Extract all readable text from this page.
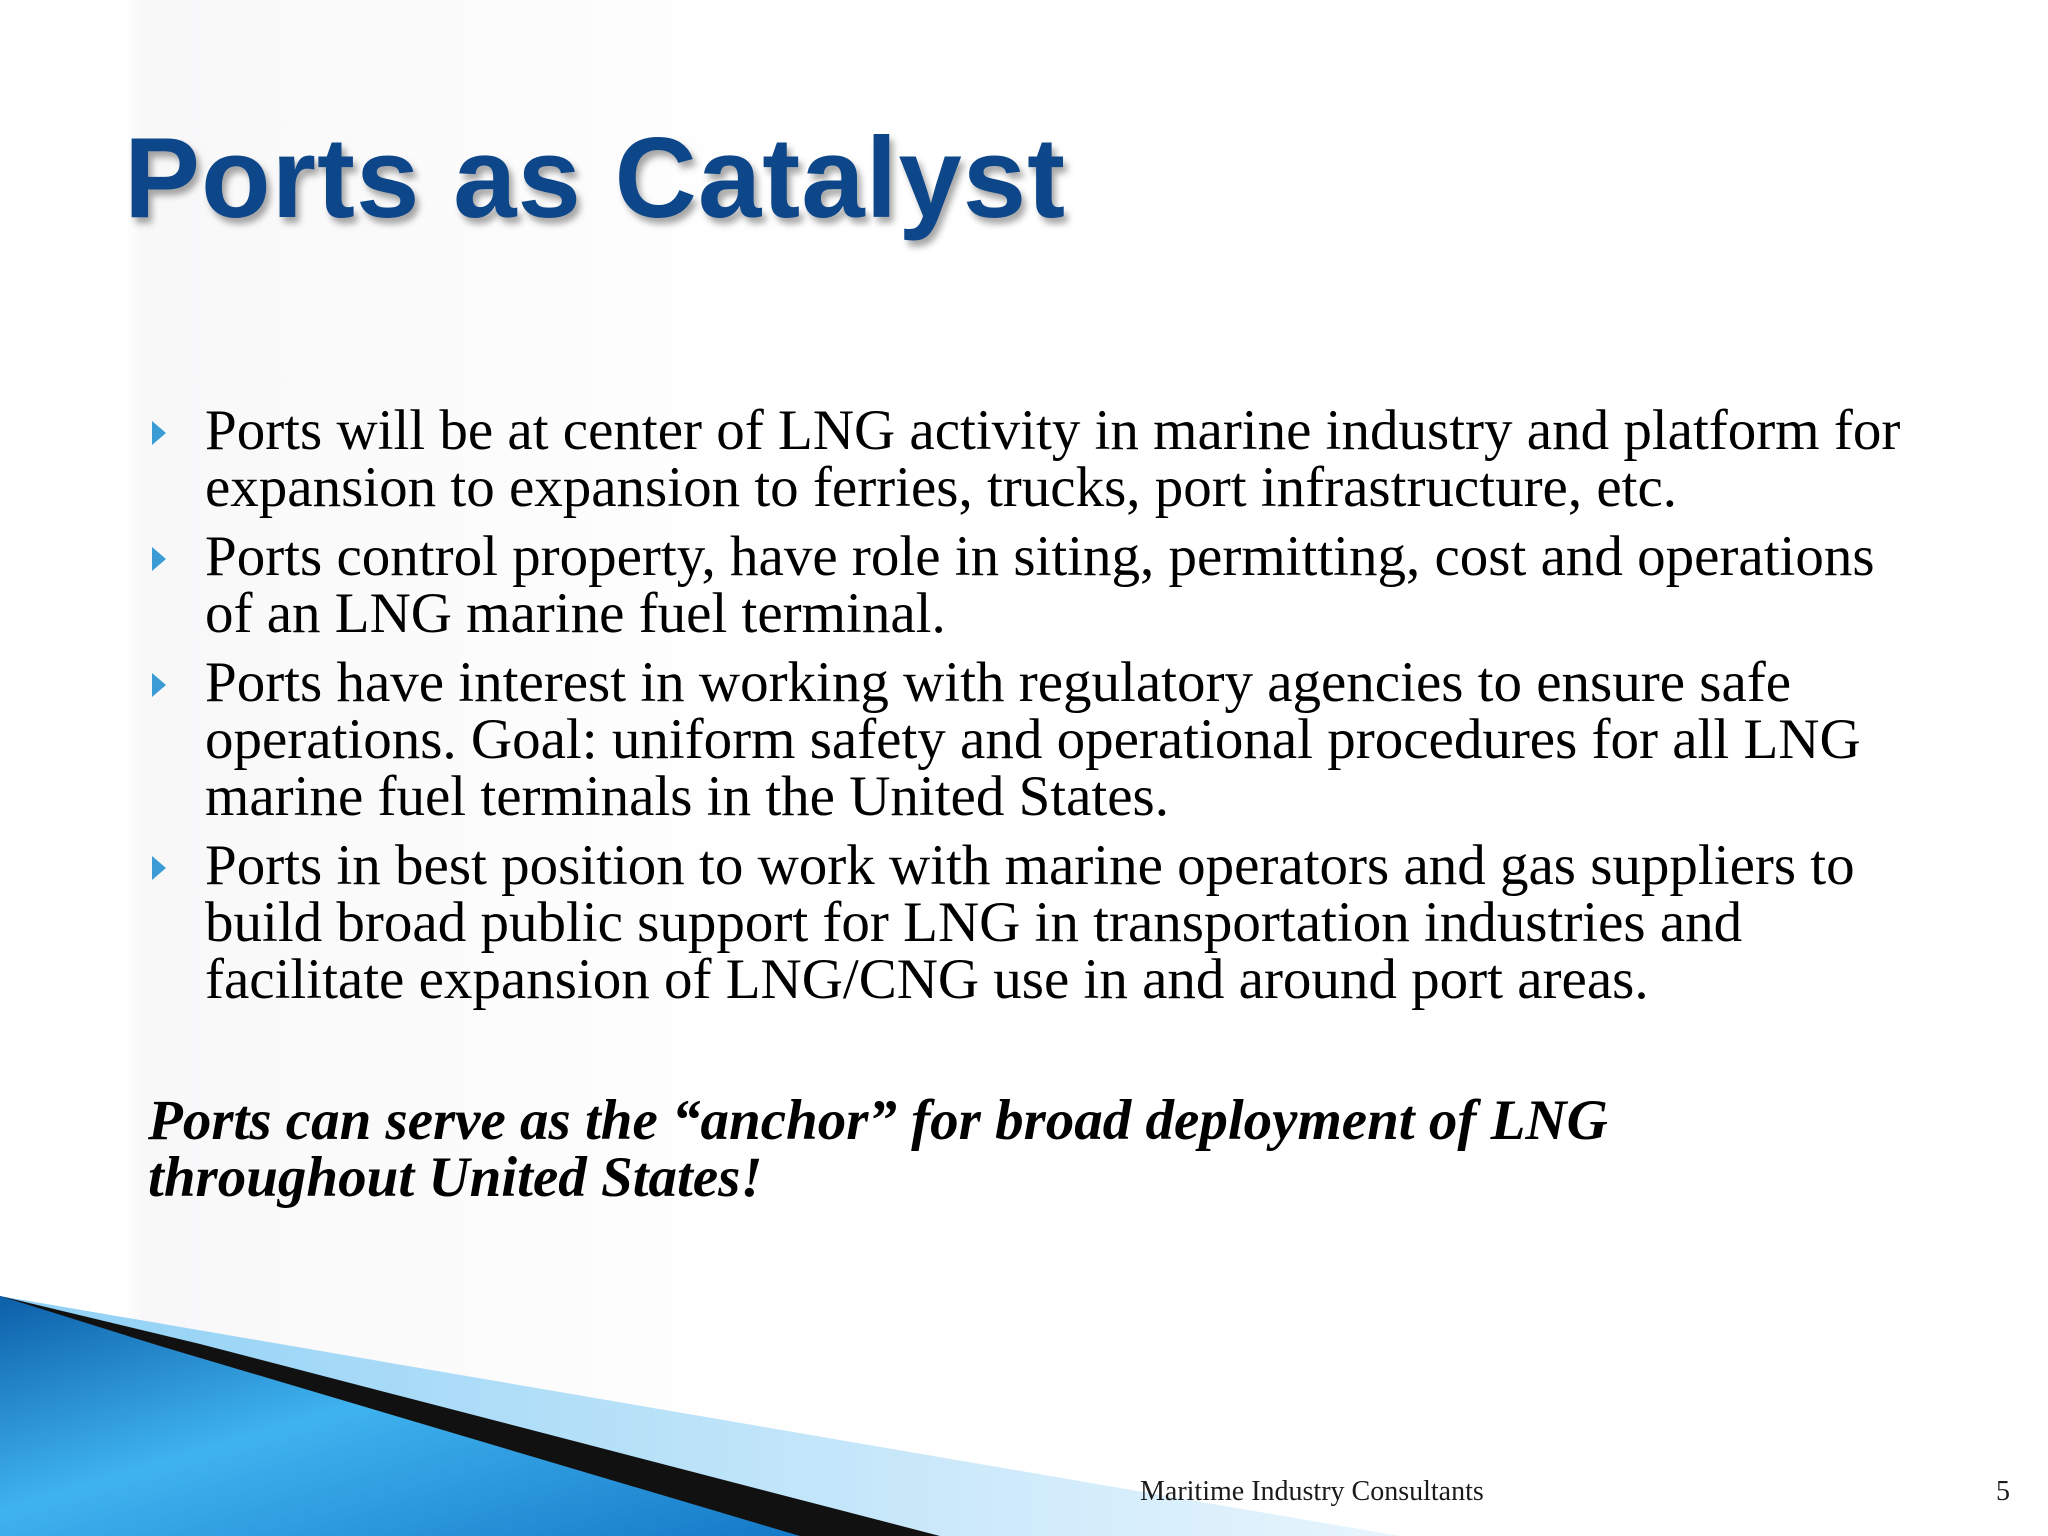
Ports as Catalyst
Ports will be at center of LNG activity in marine industry and platform for expansion to expansion to ferries, trucks, port infrastructure, etc.
Ports control property, have role in siting, permitting, cost and operations of an LNG marine fuel terminal.
Ports have interest in working with regulatory agencies to ensure safe operations. Goal: uniform safety and operational procedures for all LNG marine fuel terminals in the United States.
Ports in best position to work with marine operators and gas suppliers to build broad public support for LNG in transportation industries and facilitate expansion of LNG/CNG use in and around port areas.

Ports can serve as the “anchor” for broad deployment of LNG throughout United States!

Maritime Industry Consultants	5
